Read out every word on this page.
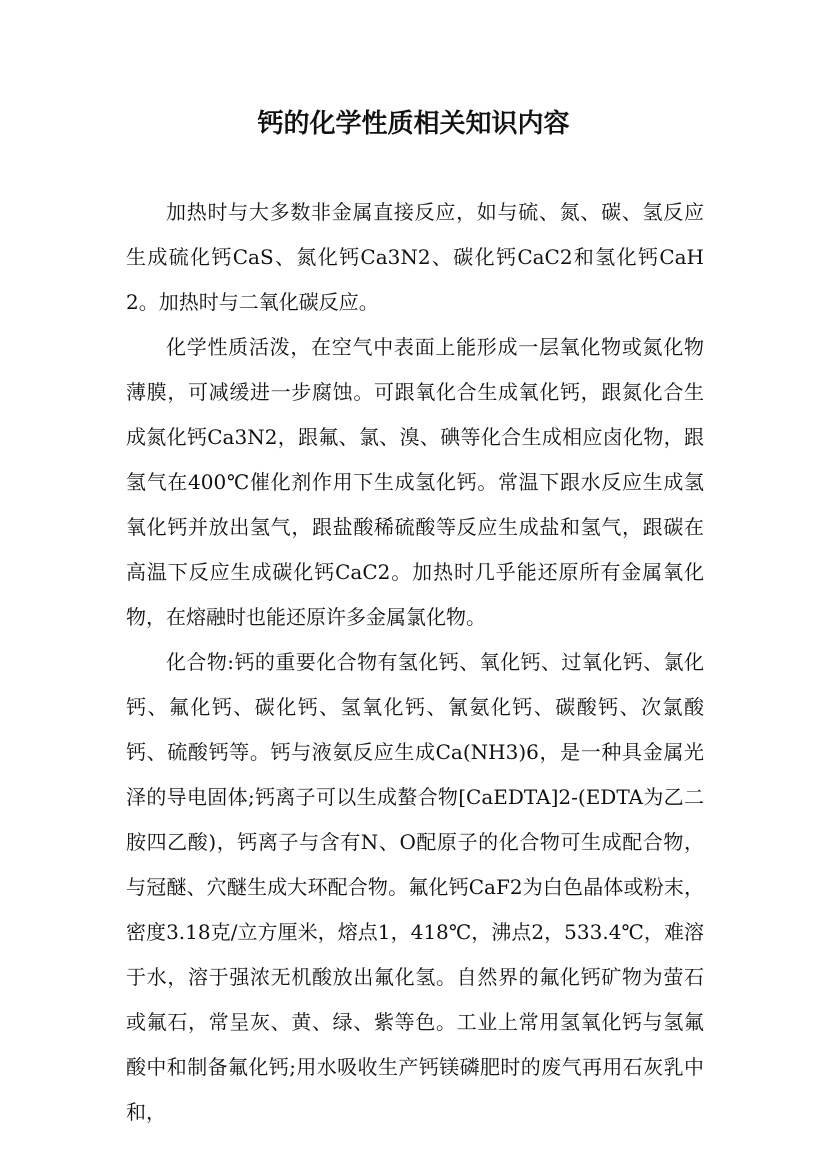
钙的化学性质相关知识内容

加热时与大多数非金属直接反应，如与硫、氮、碳、氢反应生成硫化钙CaS、氮化钙Ca3N2、碳化钙CaC2和氢化钙CaH2。加热时与二氧化碳反应。

化学性质活泼，在空气中表面上能形成一层氧化物或氮化物薄膜，可减缓进一步腐蚀。可跟氧化合生成氧化钙，跟氮化合生成氮化钙Ca3N2，跟氟、氯、溴、碘等化合生成相应卤化物，跟氢气在400℃催化剂作用下生成氢化钙。常温下跟水反应生成氢氧化钙并放出氢气，跟盐酸稀硫酸等反应生成盐和氢气，跟碳在高温下反应生成碳化钙CaC2。加热时几乎能还原所有金属氧化物，在熔融时也能还原许多金属氯化物。

化合物:钙的重要化合物有氢化钙、氧化钙、过氧化钙、氯化钙、氟化钙、碳化钙、氢氧化钙、氰氨化钙、碳酸钙、次氯酸钙、硫酸钙等。钙与液氨反应生成Ca(NH3)6，是一种具金属光泽的导电固体;钙离子可以生成螯合物[CaEDTA]2-(EDTA为乙二胺四乙酸)，钙离子与含有N、O配原子的化合物可生成配合物，与冠醚、穴醚生成大环配合物。氟化钙CaF2为白色晶体或粉末，密度3.18克/立方厘米，熔点1，418℃，沸点2，533.4℃，难溶于水，溶于强浓无机酸放出氟化氢。自然界的氟化钙矿物为萤石或氟石，常呈灰、黄、绿、紫等色。工业上常用氢氧化钙与氢氟酸中和制备氟化钙;用水吸收生产钙镁磷肥时的废气再用石灰乳中和，
